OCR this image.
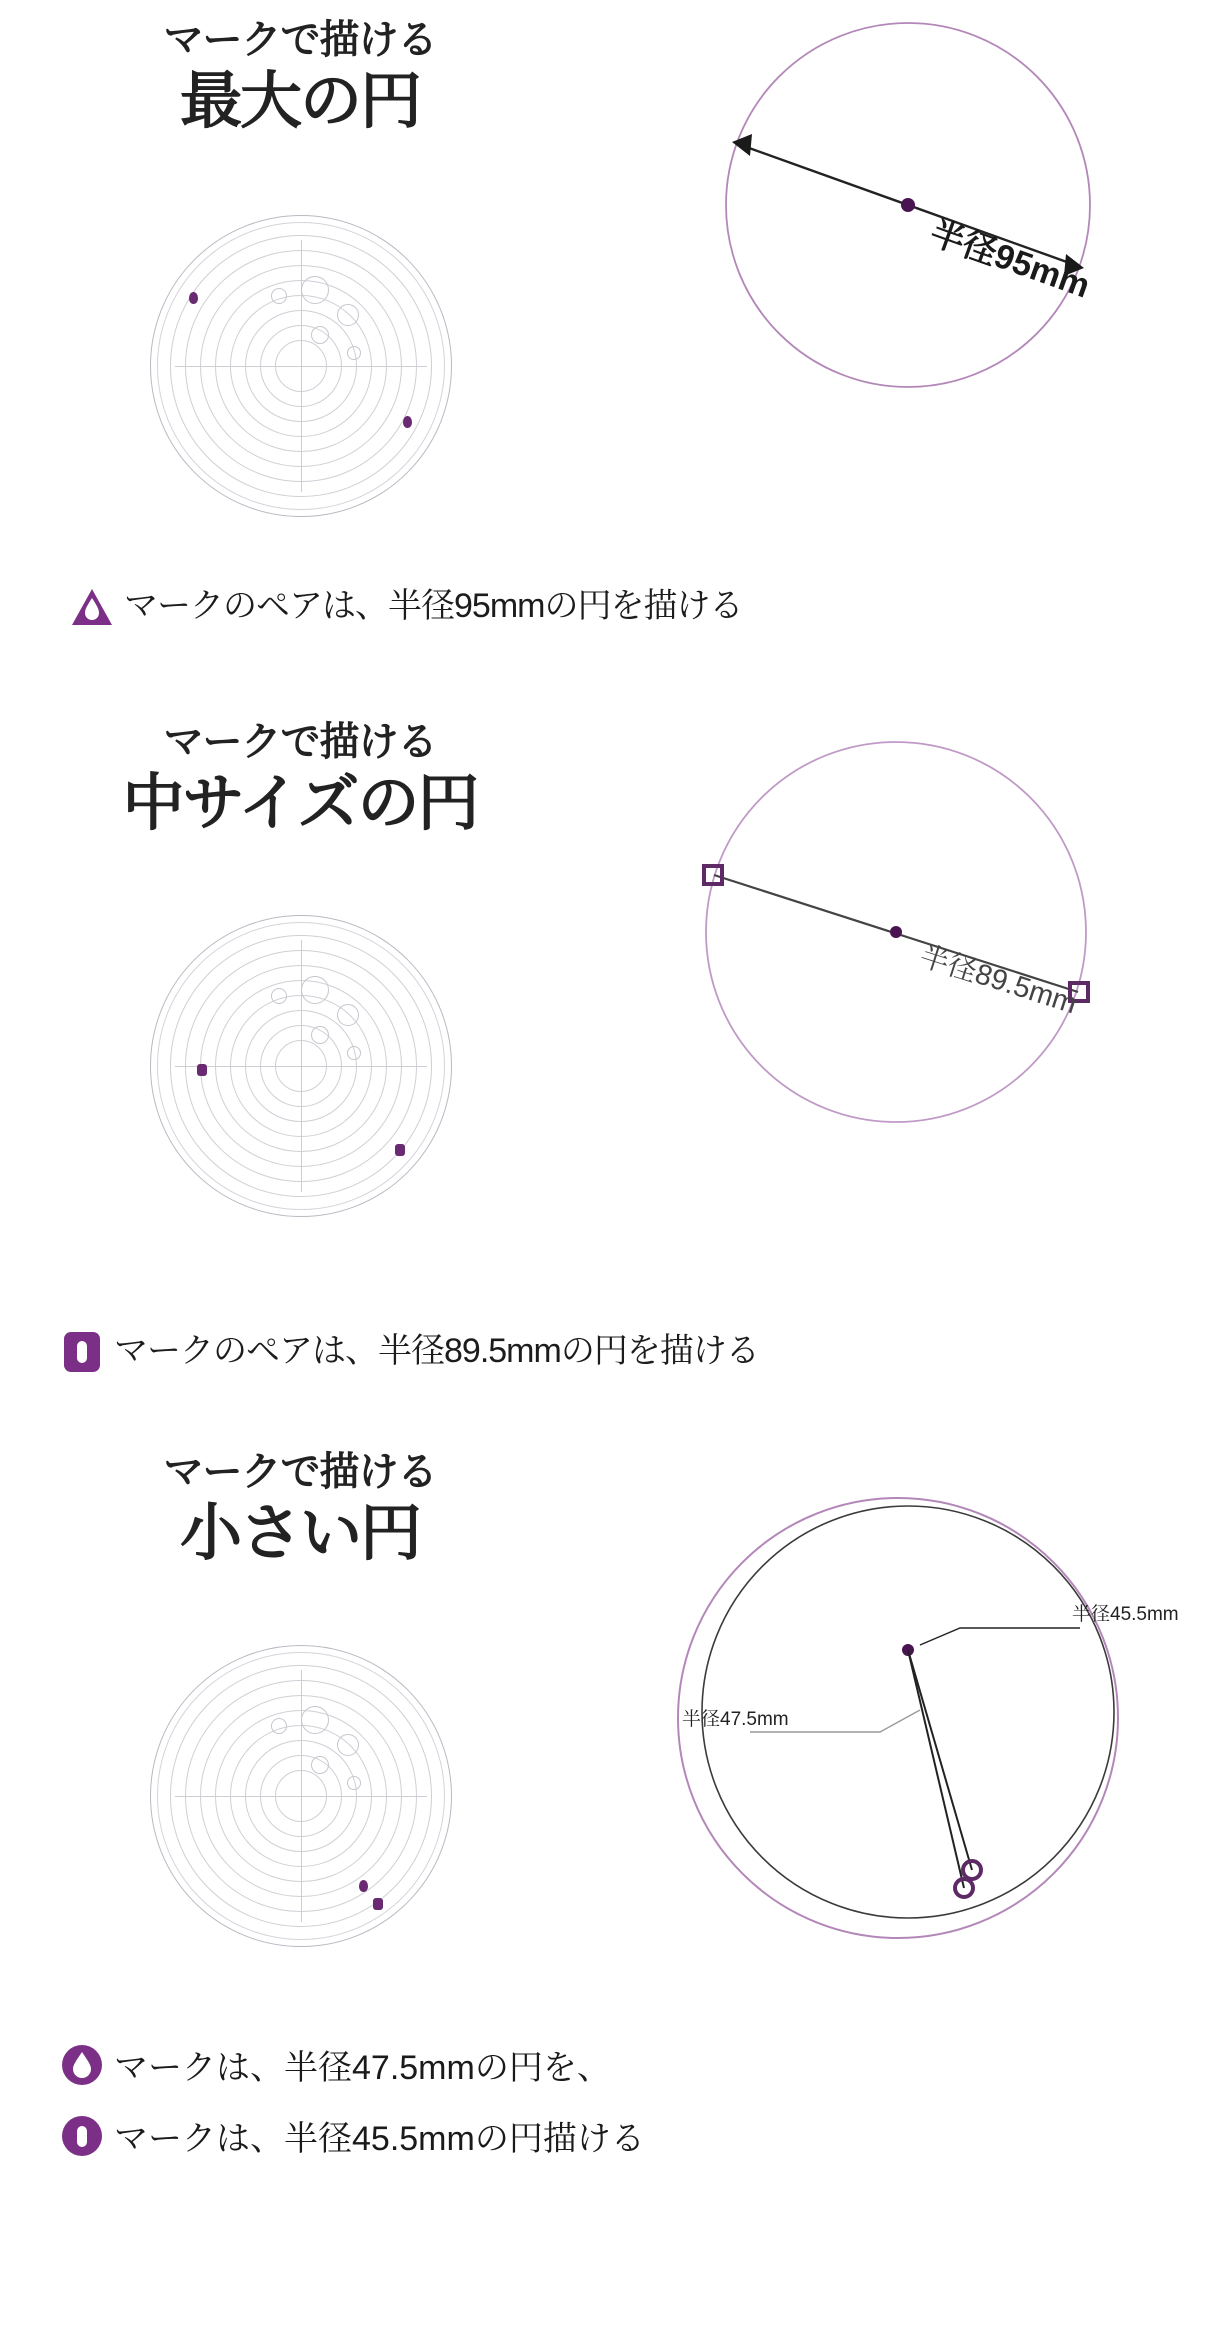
マークで描ける
最大の円
半径95mm
マークのペアは、半径95mmの円を描ける
マークで描ける
中サイズの円
半径89.5mm
マークのペアは、半径89.5mmの円を描ける
マークで描ける
小さい円
半径45.5mm
半径47.5mm
マークは、半径47.5mmの円を、
マークは、半径45.5mmの円描ける
